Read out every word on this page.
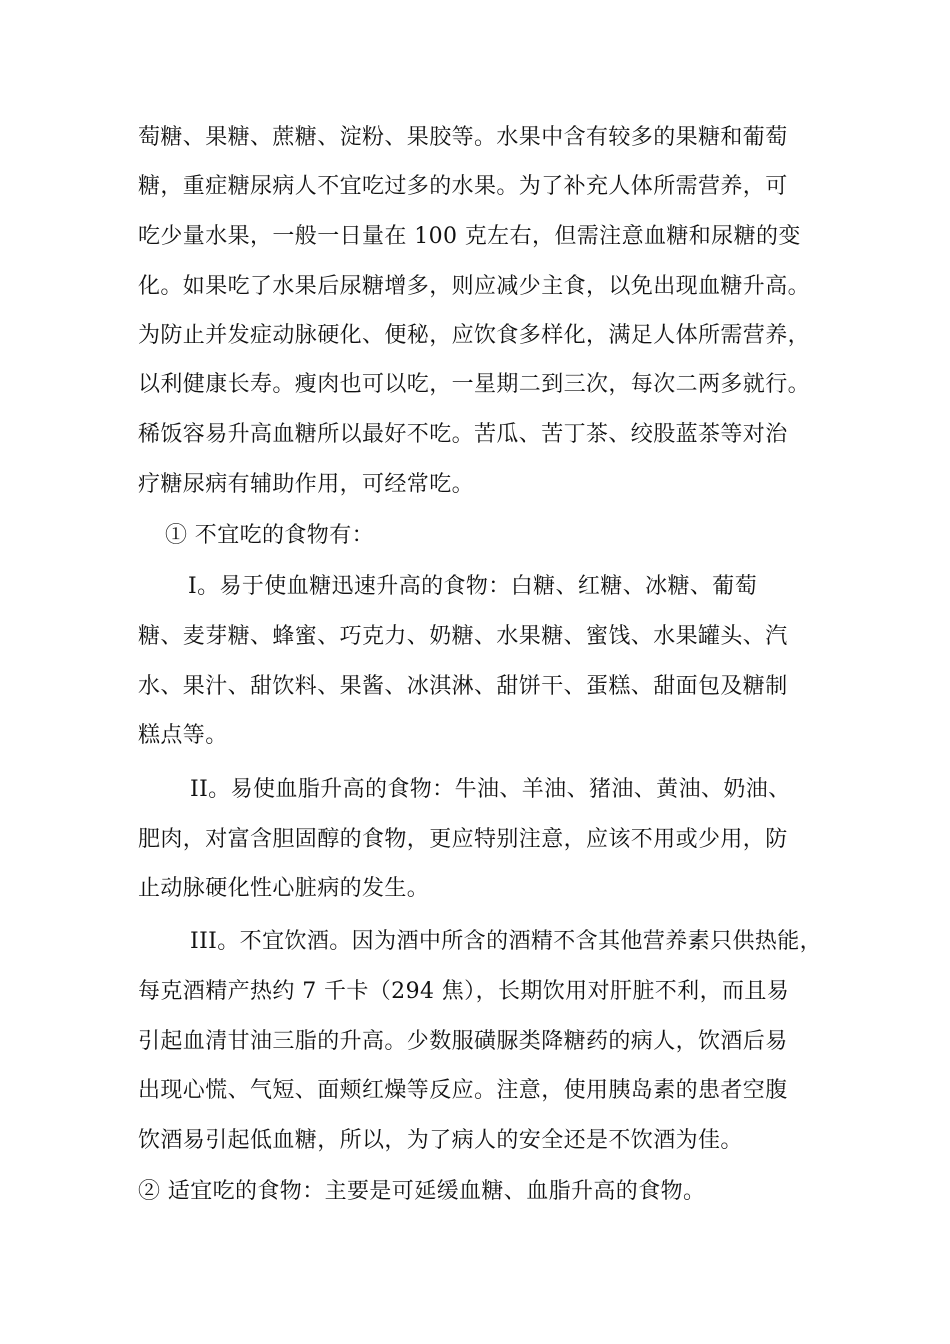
萄糖、果糖、蔗糖、淀粉、果胶等。水果中含有较多的果糖和葡萄

糖，重症糖尿病人不宜吃过多的水果。为了补充人体所需营养，可

吃少量水果，一般一日量在 100 克左右，但需注意血糖和尿糖的变

化。如果吃了水果后尿糖增多，则应减少主食，以免出现血糖升高。

为防止并发症动脉硬化、便秘，应饮食多样化，满足人体所需营养，

以利健康长寿。瘦肉也可以吃，一星期二到三次，每次二两多就行。

稀饭容易升高血糖所以最好不吃。苦瓜、苦丁茶、绞股蓝茶等对治

疗糖尿病有辅助作用，可经常吃。

① 不宜吃的食物有：

I。易于使血糖迅速升高的食物：白糖、红糖、冰糖、葡萄

糖、麦芽糖、蜂蜜、巧克力、奶糖、水果糖、蜜饯、水果罐头、汽

水、果汁、甜饮料、果酱、冰淇淋、甜饼干、蛋糕、甜面包及糖制

糕点等。

II。易使血脂升高的食物：牛油、羊油、猪油、黄油、奶油、

肥肉，对富含胆固醇的食物，更应特别注意，应该不用或少用，防

止动脉硬化性心脏病的发生。

III。不宜饮酒。因为酒中所含的酒精不含其他营养素只供热能，

每克酒精产热约 7 千卡（294 焦），长期饮用对肝脏不利，而且易

引起血清甘油三脂的升高。少数服磺脲类降糖药的病人，饮酒后易

出现心慌、气短、面颊红燥等反应。注意，使用胰岛素的患者空腹

饮酒易引起低血糖，所以，为了病人的安全还是不饮酒为佳。

② 适宜吃的食物：主要是可延缓血糖、血脂升高的食物。
